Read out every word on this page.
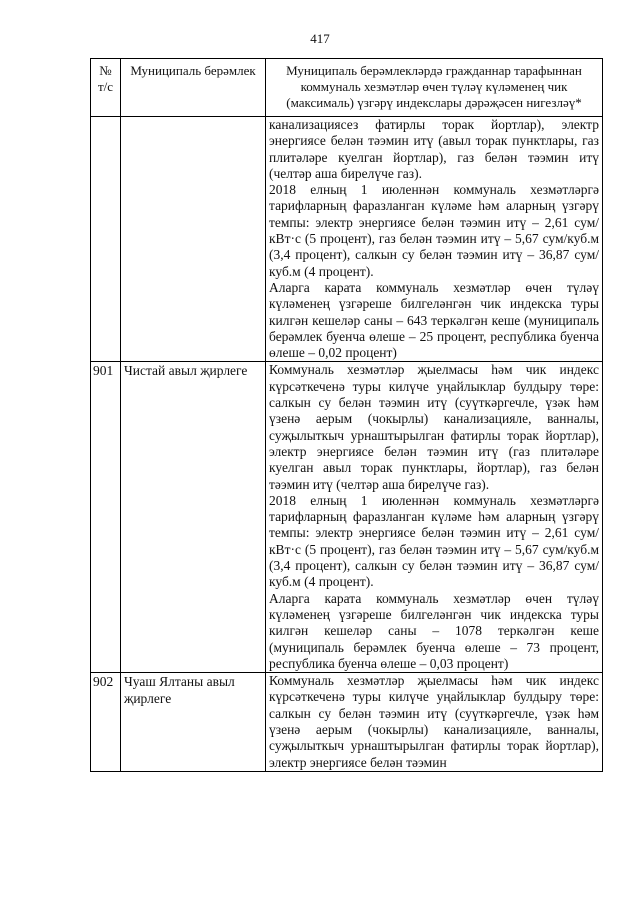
417
№ т/с	Муниципаль берәмлек	Муниципаль берәмлекләрдә гражданнар тарафыннан коммуналь хезмәтләр өчен түләү күләменең чик (максималь) үзгәрү индекслары дәрәҗәсен нигезләү*

		канализациясез фатирлы торак йортлар), электр энергиясе белән тәэмин итү (авыл торак пунктлары, газ плитәләре куелган йортлар), газ белән тәэмин итү (челтәр аша бирелүче газ).

2018 елның 1 июленнән коммуналь хезмәтләргә тарифларның фаразланган күләме һәм аларның үзгәрү темпы: электр энергиясе белән тәэмин итү – 2,61 сум/кВт·с (5 процент), газ белән тәэмин итү – 5,67 сум/куб.м (3,4 процент), салкын су белән тәэмин итү – 36,87 сум/куб.м (4 процент).

Аларга карата коммуналь хезмәтләр өчен түләү күләменең үзгәреше билгеләнгән чик индекска туры килгән кешеләр саны – 643 теркәлгән кеше (муниципаль берәмлек буенча өлеше – 25 процент, республика буенча өлеше – 0,02 процент)

901	Чистай авыл җирлеге	Коммуналь хезмәтләр җыелмасы һәм чик индекс күрсәткеченә туры килүче уңайлыклар булдыру төре: салкын су белән тәэмин итү (суүткәргечле, үзәк һәм үзенә аерым (чокырлы) канализацияле, ванналы, суҗылыткыч урнаштырылган фатирлы торак йортлар), электр энергиясе белән тәэмин итү (газ плитәләре куелган авыл торак пунктлары, йортлар), газ белән тәэмин итү (челтәр аша бирелүче газ).

2018 елның 1 июленнән коммуналь хезмәтләргә тарифларның фаразланган күләме һәм аларның үзгәрү темпы: электр энергиясе белән тәэмин итү – 2,61 сум/кВт·с (5 процент), газ белән тәэмин итү – 5,67 сум/куб.м (3,4 процент), салкын су белән тәэмин итү – 36,87 сум/куб.м (4 процент).

Аларга карата коммуналь хезмәтләр өчен түләү күләменең үзгәреше билгеләнгән чик индекска туры килгән кешеләр саны – 1078 теркәлгән кеше (муниципаль берәмлек буенча өлеше – 73 процент, республика буенча өлеше – 0,03 процент)

902	Чуаш Ялтаны авыл җирлеге	Коммуналь хезмәтләр җыелмасы һәм чик индекс күрсәткеченә туры килүче уңайлыклар булдыру төре: салкын су белән тәэмин итү (суүткәргечле, үзәк һәм үзенә аерым (чокырлы) канализацияле, ванналы, суҗылыткыч урнаштырылган фатирлы торак йортлар), электр энергиясе белән тәэмин
